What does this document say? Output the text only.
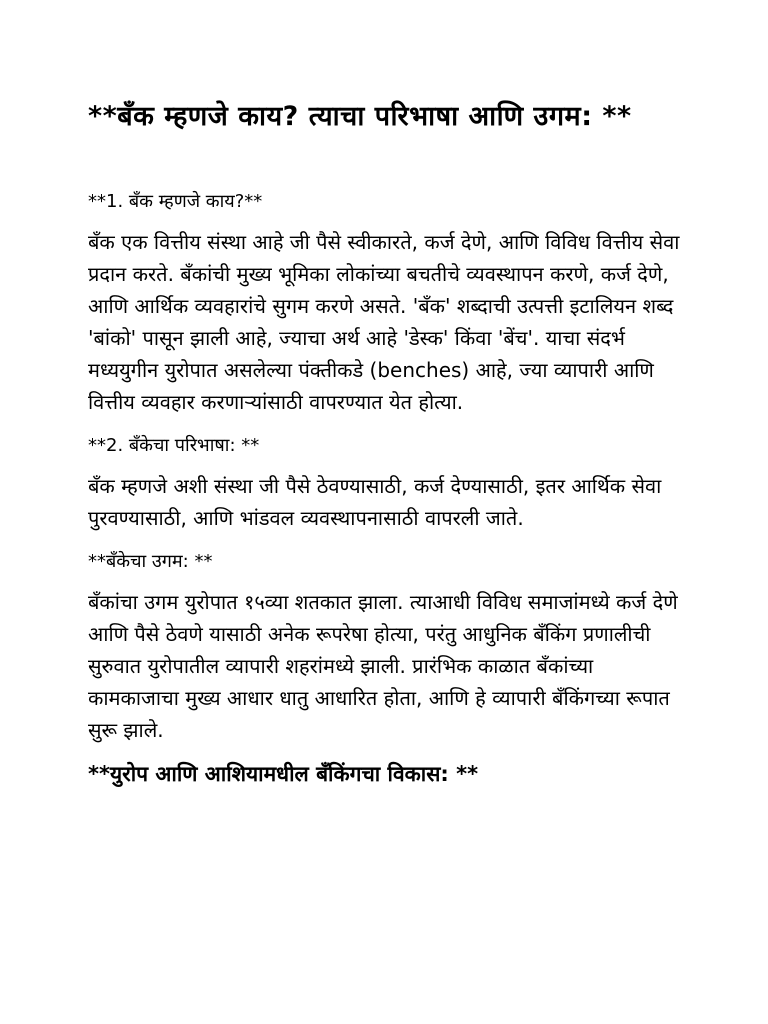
**बँक म्हणजे काय? त्याचा परिभाषा आणि उगम: **
**1. बँक म्हणजे काय?**

बँक एक वित्तीय संस्था आहे जी पैसे स्वीकारते, कर्ज देणे, आणि विविध वित्तीय सेवा प्रदान करते. बँकांची मुख्य भूमिका लोकांच्या बचतीचे व्यवस्थापन करणे, कर्ज देणे, आणि आर्थिक व्यवहारांचे सुगम करणे असते. 'बँक' शब्दाची उत्पत्ती इटालियन शब्द 'बांको' पासून झाली आहे, ज्याचा अर्थ आहे 'डेस्क' किंवा 'बेंच'. याचा संदर्भ मध्ययुगीन युरोपात असलेल्या पंक्तीकडे (benches) आहे, ज्या व्यापारी आणि वित्तीय व्यवहार करणाऱ्यांसाठी वापरण्यात येत होत्या.

**2. बँकेचा परिभाषा: **

बँक म्हणजे अशी संस्था जी पैसे ठेवण्यासाठी, कर्ज देण्यासाठी, इतर आर्थिक सेवा पुरवण्यासाठी, आणि भांडवल व्यवस्थापनासाठी वापरली जाते.

**बँकेचा उगम: **

बँकांचा उगम युरोपात १५व्या शतकात झाला. त्याआधी विविध समाजांमध्ये कर्ज देणे आणि पैसे ठेवणे यासाठी अनेक रूपरेषा होत्या, परंतु आधुनिक बँकिंग प्रणालीची सुरुवात युरोपातील व्यापारी शहरांमध्ये झाली. प्रारंभिक काळात बँकांच्या कामकाजाचा मुख्य आधार धातु आधारित होता, आणि हे व्यापारी बँकिंगच्या रूपात सुरू झाले.

**युरोप आणि आशियामधील बँकिंगचा विकास: **
